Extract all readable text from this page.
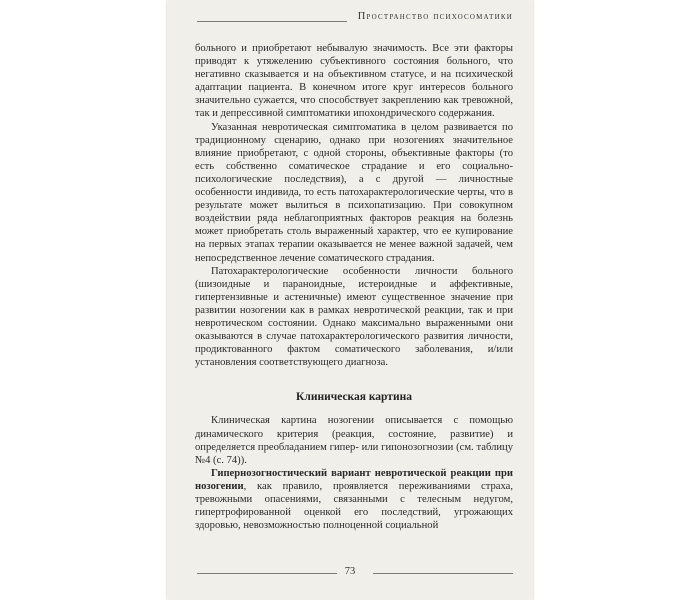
Пространство психосоматики

больного и приобретают небывалую значимость. Все эти факторы приводят к утяжелению субъективного состояния больного, что негативно сказывается и на объективном статусе, и на психической адаптации пациента. В конечном итоге круг интересов больного значительно сужается, что способствует закреплению как тревожной, так и депрессивной симптоматики ипохондрического содержания.

Указанная невротическая симптоматика в целом развивается по традиционному сценарию, однако при нозогениях значительное влияние приобретают, с одной стороны, объективные факторы (то есть собственно соматическое страдание и его социально-психологические последствия), а с другой — личностные особенности индивида, то есть патохарактерологические черты, что в результате может вылиться в психопатизацию. При совокупном воздействии ряда неблагоприятных факторов реакция на болезнь может приобретать столь выраженный характер, что ее купирование на первых этапах терапии оказывается не менее важной задачей, чем непосредственное лечение соматического страдания.

Патохарактерологические особенности личности больного (шизоидные и параноидные, истероидные и аффективные, гипертензивные и астеничные) имеют существенное значение при развитии нозогении как в рамках невротической реакции, так и при невротическом состоянии. Однако максимально выраженными они оказываются в случае патохарактерологического развития личности, продиктованного фактом соматического заболевания, и/или установления соответствующего диагноза.

Клиническая картина

Клиническая картина нозогении описывается с помощью динамического критерия (реакция, состояние, развитие) и определяется преобладанием гипер- или гипонозогнозии (см. таблицу №4 (с. 74)).

Гипернозогностический вариант невротической реакции при нозогении, как правило, проявляется переживаниями страха, тревожными опасениями, связанными с телесным недугом, гипертрофированной оценкой его последствий, угрожающих здоровью, невозможностью полноценной социальной

73
